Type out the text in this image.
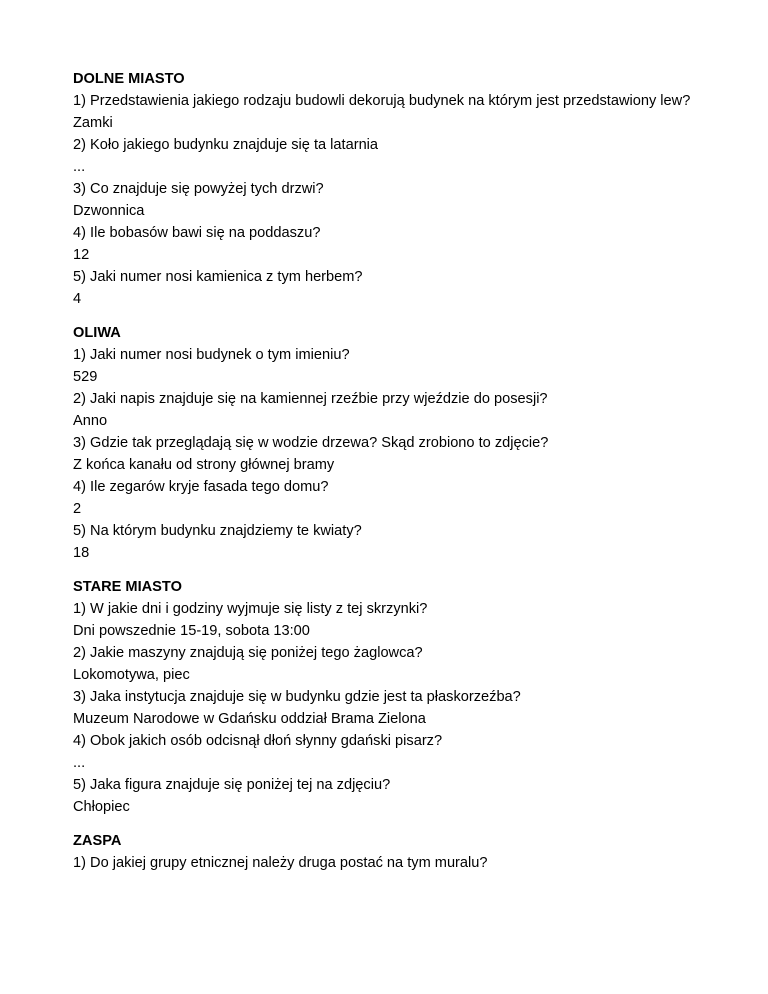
DOLNE MIASTO
1) Przedstawienia jakiego rodzaju budowli dekorują budynek na którym jest przedstawiony lew?
Zamki
2) Koło jakiego budynku znajduje się ta latarnia
...
3) Co znajduje się powyżej tych drzwi?
Dzwonnica
4) Ile bobasów bawi się na poddaszu?
12
5) Jaki numer nosi kamienica z tym herbem?
4
OLIWA
1) Jaki numer nosi budynek o tym imieniu?
529
2) Jaki napis znajduje się na kamiennej rzeźbie przy wjeździe do posesji?
Anno
3) Gdzie tak przeglądają się w wodzie drzewa? Skąd zrobiono to zdjęcie?
Z końca kanału od strony głównej bramy
4) Ile zegarów kryje fasada tego domu?
2
5) Na którym budynku znajdziemy te kwiaty?
18
STARE MIASTO
1) W jakie dni i godziny wyjmuje się listy z tej skrzynki?
Dni powszednie 15-19, sobota 13:00
2) Jakie maszyny znajdują się poniżej tego żaglowca?
Lokomotywa, piec
3) Jaka instytucja znajduje się w budynku gdzie jest ta płaskorzeźba?
Muzeum Narodowe w Gdańsku oddział Brama Zielona
4) Obok jakich osób odcisnął dłoń słynny gdański pisarz?
...
5) Jaka figura znajduje się poniżej tej na zdjęciu?
Chłopiec
ZASPA
1) Do jakiej grupy etnicznej należy druga postać na tym muralu?
